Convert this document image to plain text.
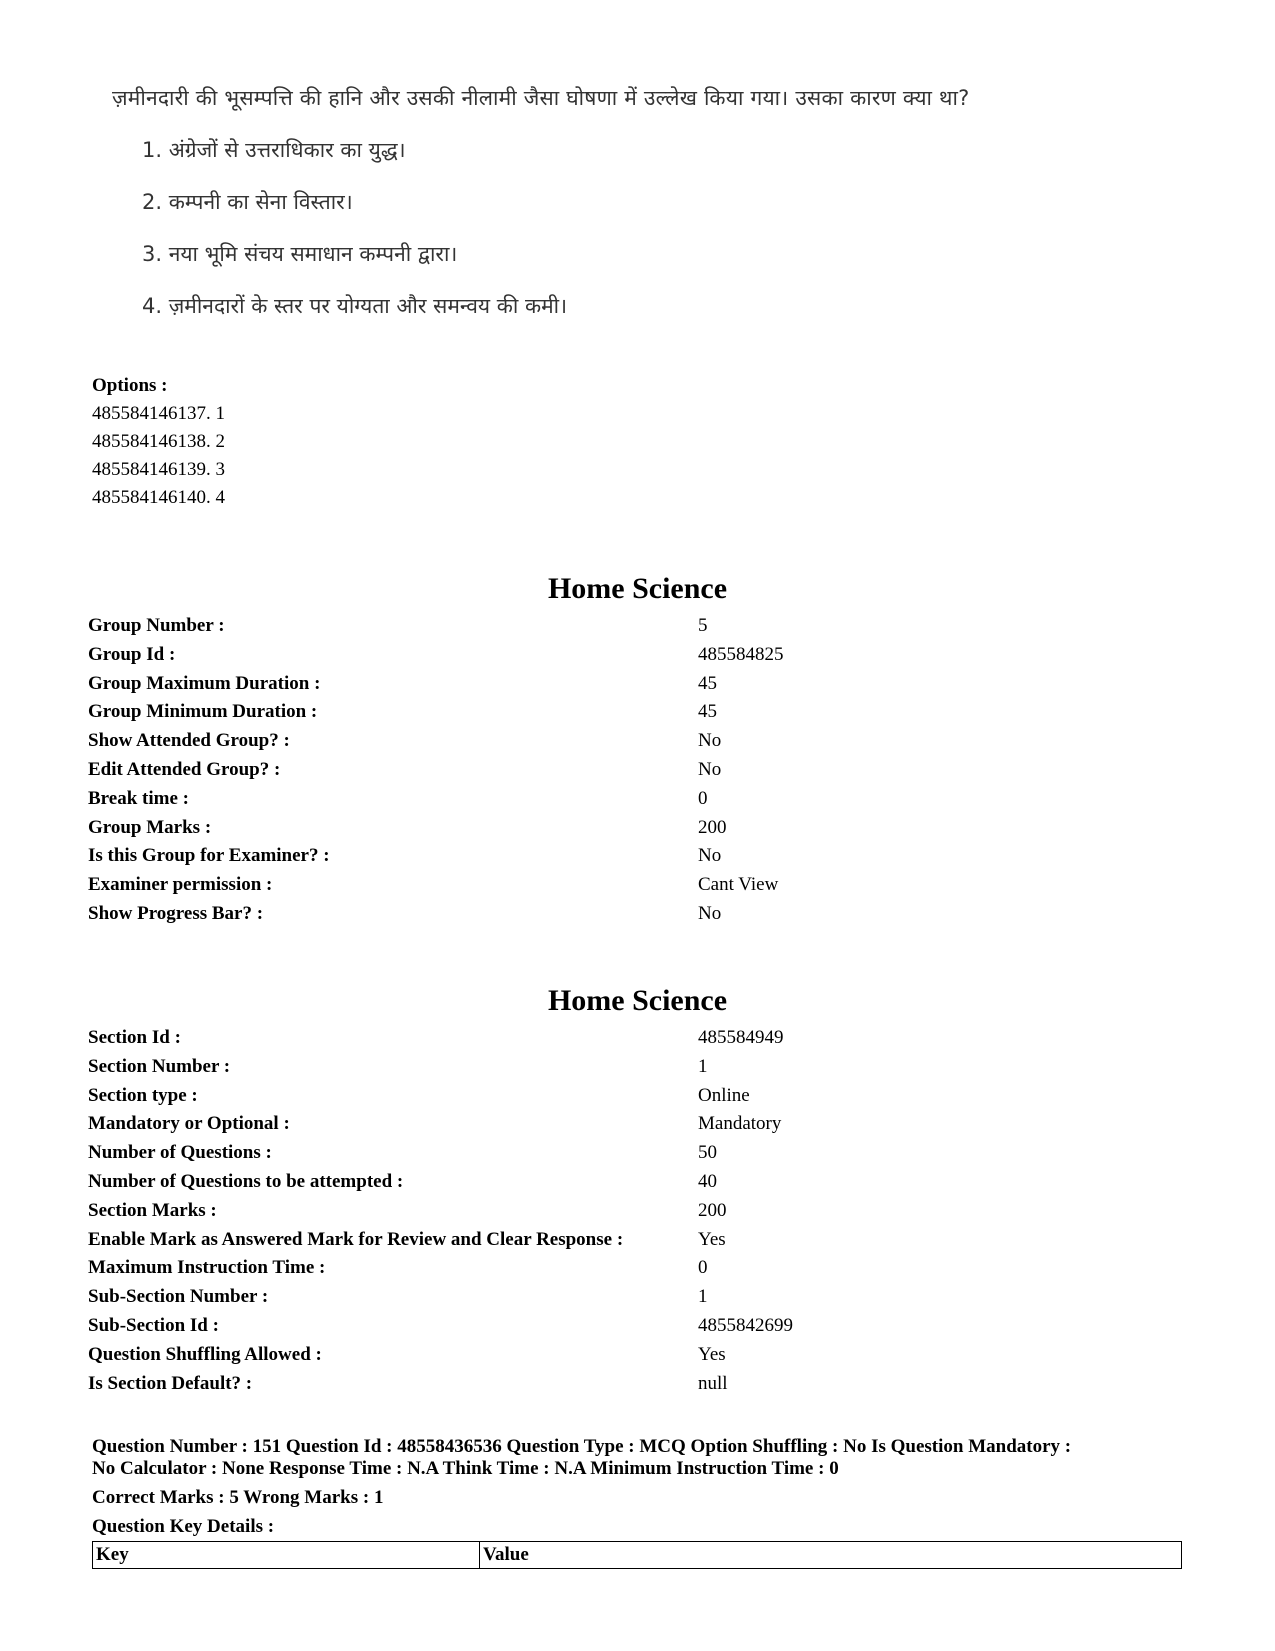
ज़मीनदारी की भूसम्पत्ति की हानि और उसकी नीलामी जैसा घोषणा में उल्लेख किया गया। उसका कारण क्या था?
1. अंग्रेजों से उत्तराधिकार का युद्ध।
2. कम्पनी का सेना विस्तार।
3. नया भूमि संचय समाधान कम्पनी द्वारा।
4. ज़मीनदारों के स्तर पर योग्यता और समन्वय की कमी।
Options :
485584146137. 1
485584146138. 2
485584146139. 3
485584146140. 4
Home Science
Group Number :	5
Group Id :	485584825
Group Maximum Duration :	45
Group Minimum Duration :	45
Show Attended Group? :	No
Edit Attended Group? :	No
Break time :	0
Group Marks :	200
Is this Group for Examiner? :	No
Examiner permission :	Cant View
Show Progress Bar? :	No
Home Science
Section Id :	485584949
Section Number :	1
Section type :	Online
Mandatory or Optional :	Mandatory
Number of Questions :	50
Number of Questions to be attempted :	40
Section Marks :	200
Enable Mark as Answered Mark for Review and Clear Response :	Yes
Maximum Instruction Time :	0
Sub-Section Number :	1
Sub-Section Id :	4855842699
Question Shuffling Allowed :	Yes
Is Section Default? :	null

Question Number : 151 Question Id : 48558436536 Question Type : MCQ Option Shuffling : No Is Question Mandatory :

No Calculator : None Response Time : N.A Think Time : N.A Minimum Instruction Time : 0

Correct Marks : 5 Wrong Marks : 1

Question Key Details :

Key	Value
